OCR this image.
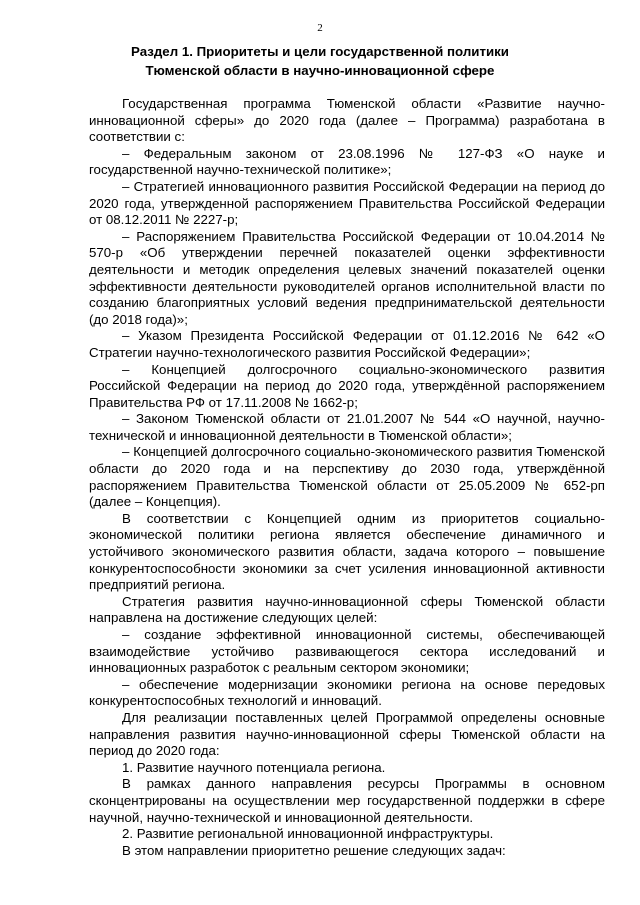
2
Раздел 1. Приоритеты и цели государственной политики
Тюменской области в научно-инновационной сфере

Государственная программа Тюменской области «Развитие научно-инновационной сферы» до 2020 года (далее – Программа) разработана в соответствии с:

– Федеральным законом от 23.08.1996 № 127-ФЗ «О науке и государственной научно-технической политике»;

– Стратегией инновационного развития Российской Федерации на период до 2020 года, утвержденной распоряжением Правительства Российской Федерации от 08.12.2011 № 2227-р;

– Распоряжением Правительства Российской Федерации от 10.04.2014 № 570-р «Об утверждении перечней показателей оценки эффективности деятельности и методик определения целевых значений показателей оценки эффективности деятельности руководителей органов исполнительной власти по созданию благоприятных условий ведения предпринимательской деятельности (до 2018 года)»;

– Указом Президента Российской Федерации от 01.12.2016 № 642 «О Стратегии научно-технологического развития Российской Федерации»;

– Концепцией долгосрочного социально-экономического развития Российской Федерации на период до 2020 года, утверждённой распоряжением Правительства РФ от 17.11.2008 № 1662-р;

– Законом Тюменской области от 21.01.2007 № 544 «О научной, научно-технической и инновационной деятельности в Тюменской области»;

– Концепцией долгосрочного социально-экономического развития Тюменской области до 2020 года и на перспективу до 2030 года, утверждённой распоряжением Правительства Тюменской области от 25.05.2009 № 652-рп (далее – Концепция).

В соответствии с Концепцией одним из приоритетов социально-экономической политики региона является обеспечение динамичного и устойчивого экономического развития области, задача которого – повышение конкурентоспособности экономики за счет усиления инновационной активности предприятий региона.

Стратегия развития научно-инновационной сферы Тюменской области направлена на достижение следующих целей:

– создание эффективной инновационной системы, обеспечивающей взаимодействие устойчиво развивающегося сектора исследований и инновационных разработок с реальным сектором экономики;

– обеспечение модернизации экономики региона на основе передовых конкурентоспособных технологий и инноваций.

Для реализации поставленных целей Программой определены основные направления развития научно-инновационной сферы Тюменской области на период до 2020 года:

1. Развитие научного потенциала региона.

В рамках данного направления ресурсы Программы в основном сконцентрированы на осуществлении мер государственной поддержки в сфере научной, научно-технической и инновационной деятельности.

2. Развитие региональной инновационной инфраструктуры.

В этом направлении приоритетно решение следующих задач:
